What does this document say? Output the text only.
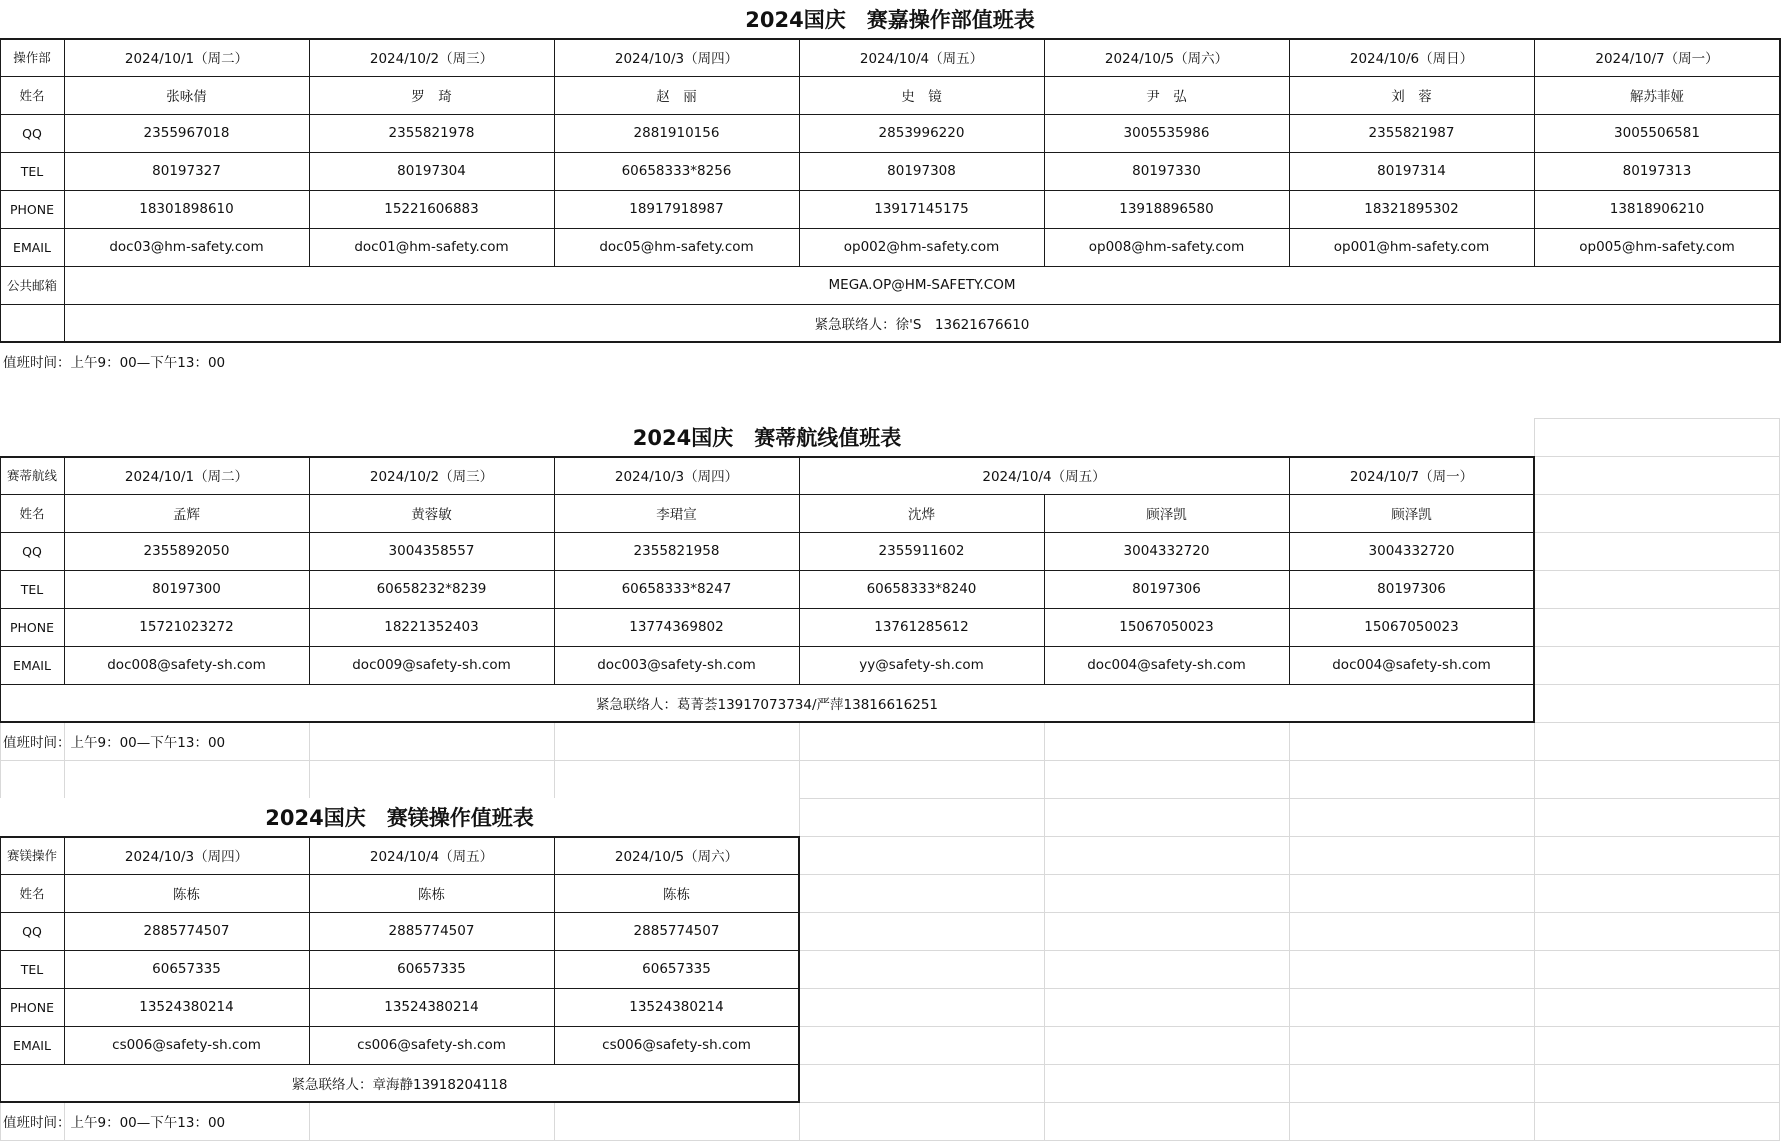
2024国庆　赛嘉操作部值班表
操作部	2024/10/1（周二）	2024/10/2（周三）	2024/10/3（周四）	2024/10/4（周五）	2024/10/5（周六）	2024/10/6（周日）	2024/10/7（周一）
姓名	张咏倩	罗　琦	赵　丽	史　镜	尹　弘	刘　蓉	解苏菲娅
QQ	2355967018	2355821978	2881910156	2853996220	3005535986	2355821987	3005506581
TEL	80197327	80197304	60658333*8256	80197308	80197330	80197314	80197313
PHONE	18301898610	15221606883	18917918987	13917145175	13918896580	18321895302	13818906210
EMAIL	doc03@hm-safety.com	doc01@hm-safety.com	doc05@hm-safety.com	op002@hm-safety.com	op008@hm-safety.com	op001@hm-safety.com	op005@hm-safety.com
公共邮箱	MEGA.OP@HM-SAFETY.COM
紧急联络人：徐'S　13621676610
值班时间：上午9：00—下午13：00
2024国庆　赛蒂航线值班表
赛蒂航线	2024/10/1（周二）	2024/10/2（周三）	2024/10/3（周四）	2024/10/4（周五）	2024/10/7（周一）
姓名	孟辉	黄蓉敏	李珺宣	沈烨	顾泽凯	顾泽凯
QQ	2355892050	3004358557	2355821958	2355911602	3004332720	3004332720
TEL	80197300	60658232*8239	60658333*8247	60658333*8240	80197306	80197306
PHONE	15721023272	18221352403	13774369802	13761285612	15067050023	15067050023
EMAIL	doc008@safety-sh.com	doc009@safety-sh.com	doc003@safety-sh.com	yy@safety-sh.com	doc004@safety-sh.com	doc004@safety-sh.com
紧急联络人：葛菁荟13917073734/严萍13816616251
值班时间：上午9：00—下午13：00
2024国庆　赛镁操作值班表
赛镁操作	2024/10/3（周四）	2024/10/4（周五）	2024/10/5（周六）
姓名	陈栋	陈栋	陈栋
QQ	2885774507	2885774507	2885774507
TEL	60657335	60657335	60657335
PHONE	13524380214	13524380214	13524380214
EMAIL	cs006@safety-sh.com	cs006@safety-sh.com	cs006@safety-sh.com
紧急联络人：章海静13918204118
值班时间：上午9：00—下午13：00
